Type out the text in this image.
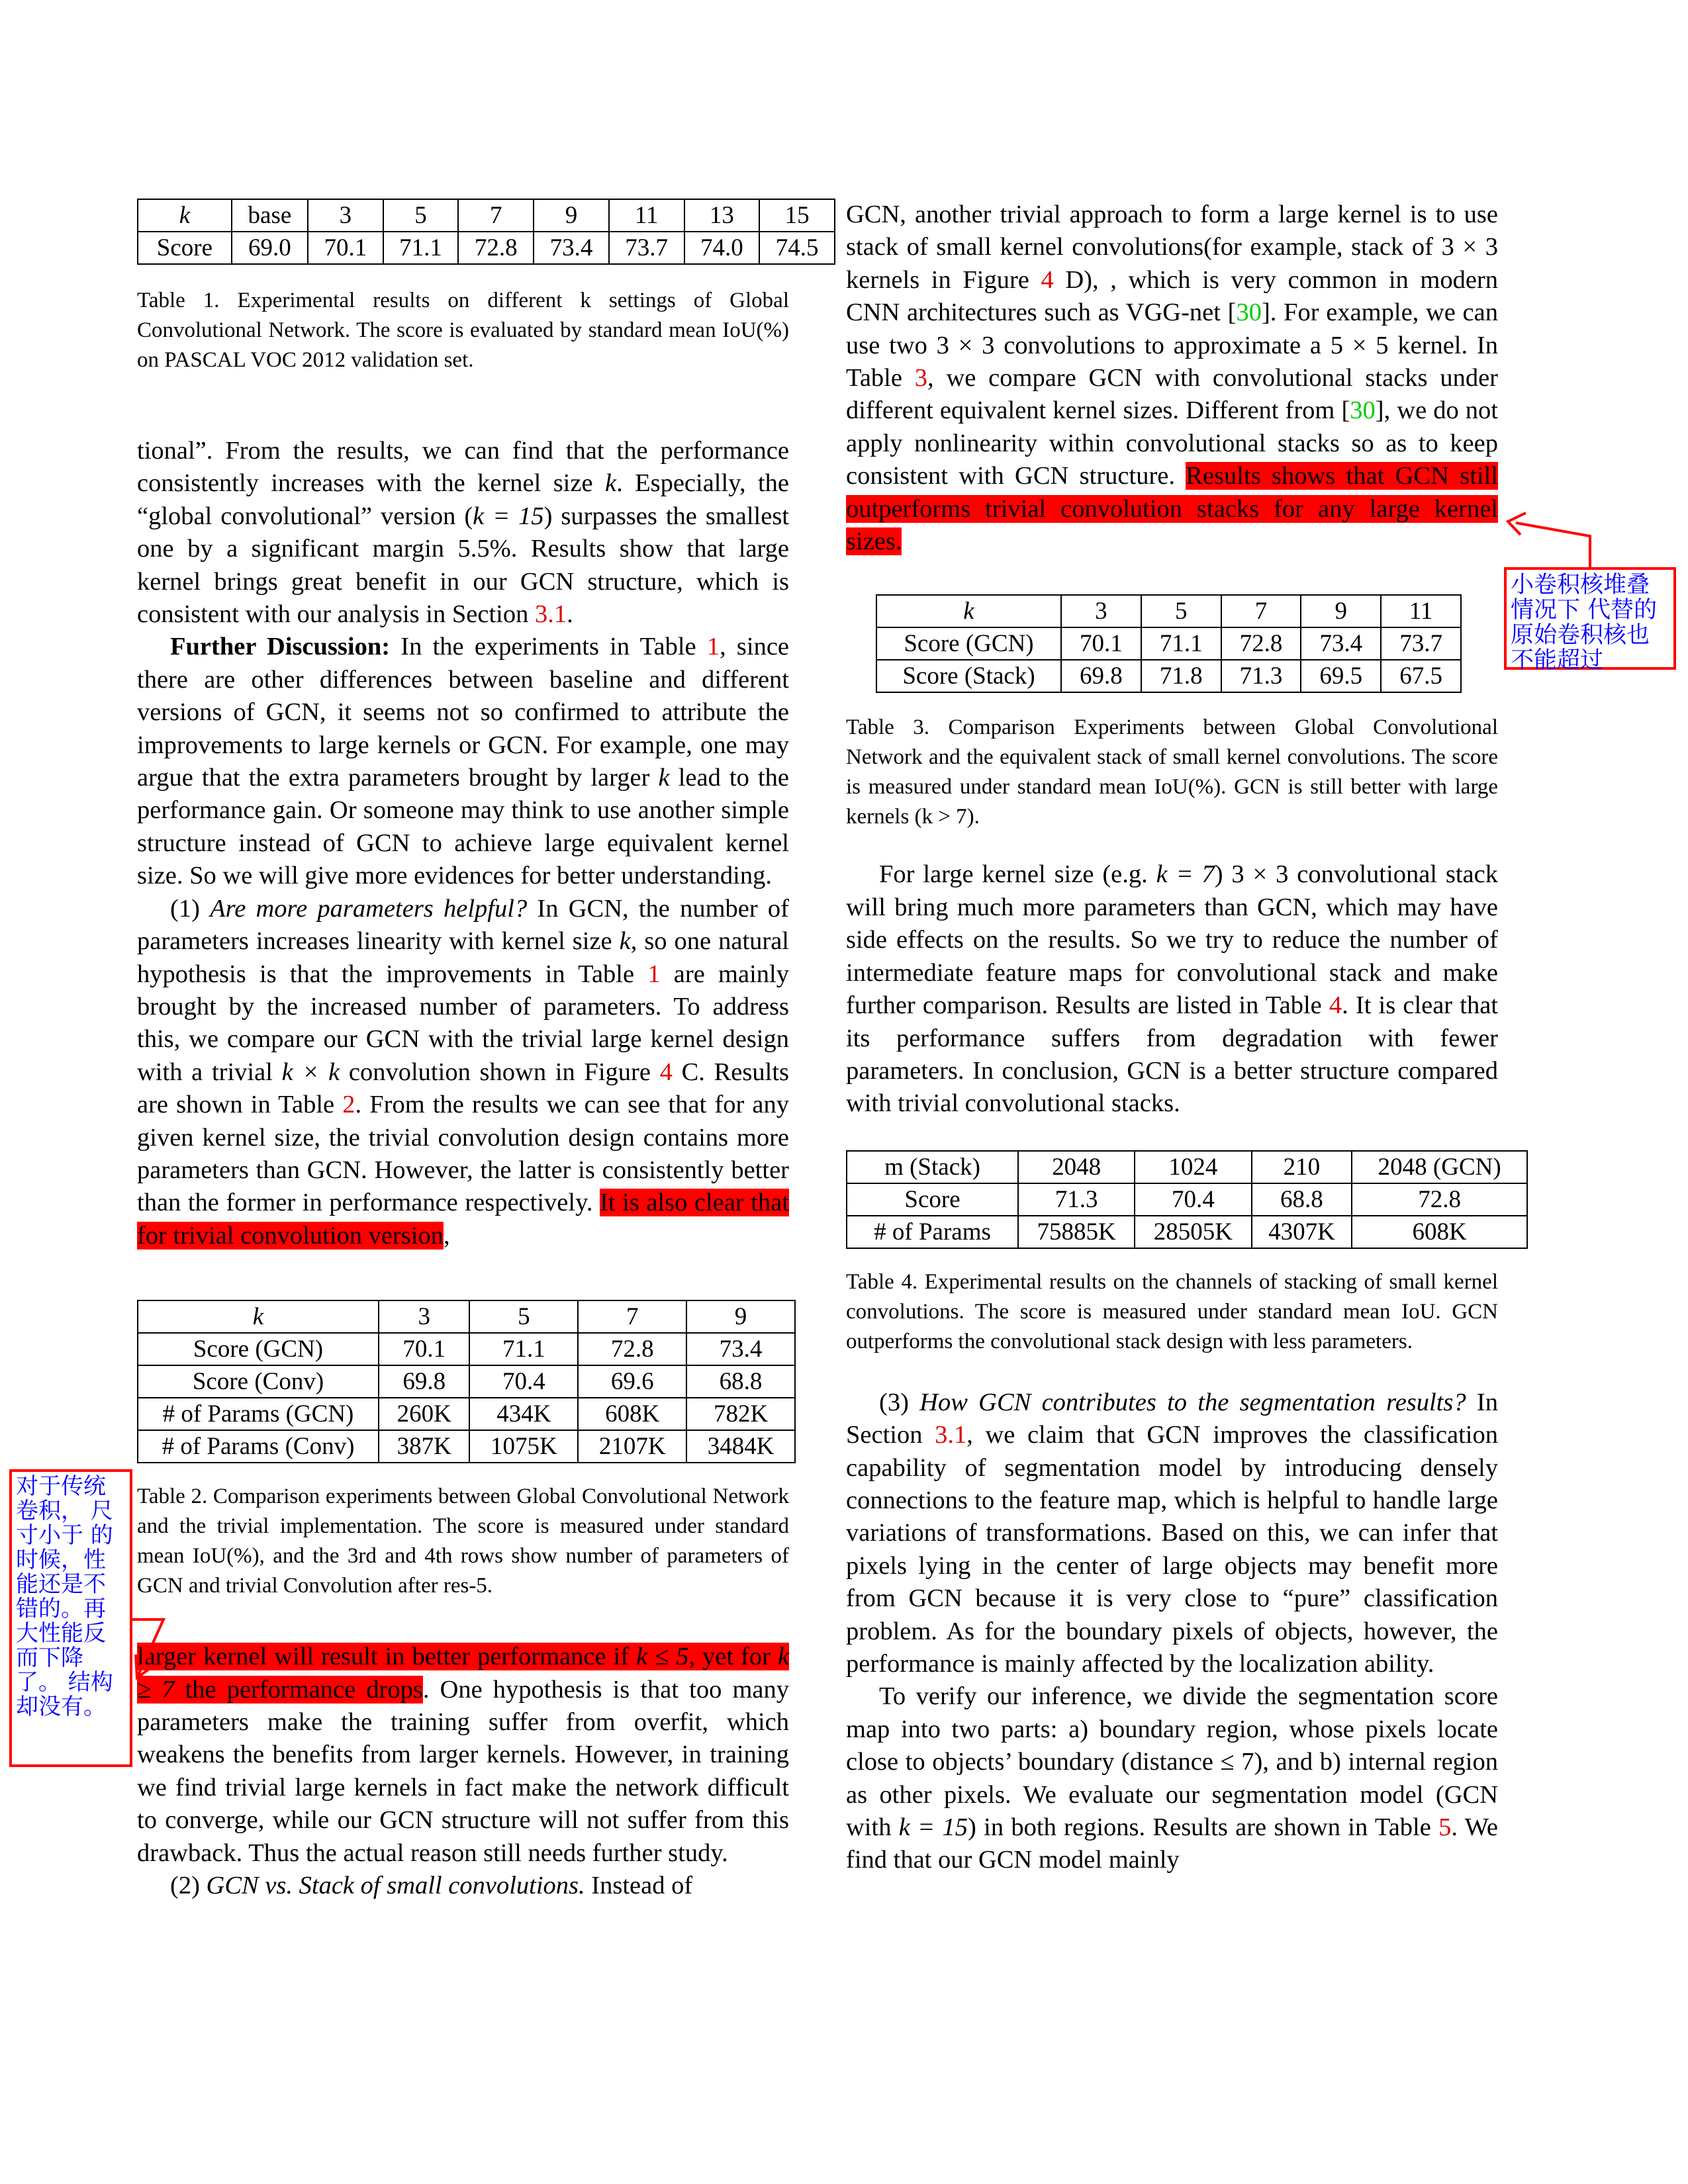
k	base	3	5	7	9	11	13	15
Score	69.0	70.1	71.1	72.8	73.4	73.7	74.0	74.5

Table 1. Experimental results on different k settings of Global Convolutional Network. The score is evaluated by standard mean IoU(%) on PASCAL VOC 2012 validation set.

tional”. From the results, we can find that the performance consistently increases with the kernel size k. Especially, the “global convolutional” version (k = 15) surpasses the smallest one by a significant margin 5.5%. Results show that large kernel brings great benefit in our GCN structure, which is consistent with our analysis in Section 3.1.

Further Discussion: In the experiments in Table 1, since there are other differences between baseline and different versions of GCN, it seems not so confirmed to attribute the improvements to large kernels or GCN. For example, one may argue that the extra parameters brought by larger k lead to the performance gain. Or someone may think to use another simple structure instead of GCN to achieve large equivalent kernel size. So we will give more evidences for better understanding.

(1) Are more parameters helpful? In GCN, the number of parameters increases linearity with kernel size k, so one natural hypothesis is that the improvements in Table 1 are mainly brought by the increased number of parameters. To address this, we compare our GCN with the trivial large kernel design with a trivial k × k convolution shown in Figure 4 C. Results are shown in Table 2. From the results we can see that for any given kernel size, the trivial convolution design contains more parameters than GCN. However, the latter is consistently better than the former in performance respectively. It is also clear that for trivial convolution version,

k	3	5	7	9
Score (GCN)	70.1	71.1	72.8	73.4
Score (Conv)	69.8	70.4	69.6	68.8
# of Params (GCN)	260K	434K	608K	782K
# of Params (Conv)	387K	1075K	2107K	3484K

Table 2. Comparison experiments between Global Convolutional Network and the trivial implementation. The score is measured under standard mean IoU(%), and the 3rd and 4th rows show number of parameters of GCN and trivial Convolution after res-5.

larger kernel will result in better performance if k ≤ 5, yet for k ≥ 7 the performance drops. One hypothesis is that too many parameters make the training suffer from overfit, which weakens the benefits from larger kernels. However, in training we find trivial large kernels in fact make the network difficult to converge, while our GCN structure will not suffer from this drawback. Thus the actual reason still needs further study.

(2) GCN vs. Stack of small convolutions. Instead of

GCN, another trivial approach to form a large kernel is to use stack of small kernel convolutions(for example, stack of 3 × 3 kernels in Figure 4 D), , which is very common in modern CNN architectures such as VGG-net [30]. For example, we can use two 3 × 3 convolutions to approximate a 5 × 5 kernel. In Table 3, we compare GCN with convolutional stacks under different equivalent kernel sizes. Different from [30], we do not apply nonlinearity within convolutional stacks so as to keep consistent with GCN structure. Results shows that GCN still outperforms trivial convolution stacks for any large kernel sizes.

k	3	5	7	9	11
Score (GCN)	70.1	71.1	72.8	73.4	73.7
Score (Stack)	69.8	71.8	71.3	69.5	67.5

Table 3. Comparison Experiments between Global Convolutional Network and the equivalent stack of small kernel convolutions. The score is measured under standard mean IoU(%). GCN is still better with large kernels (k > 7).

For large kernel size (e.g. k = 7) 3 × 3 convolutional stack will bring much more parameters than GCN, which may have side effects on the results. So we try to reduce the number of intermediate feature maps for convolutional stack and make further comparison. Results are listed in Table 4. It is clear that its performance suffers from degradation with fewer parameters. In conclusion, GCN is a better structure compared with trivial convolutional stacks.

m (Stack)	2048	1024	210	2048 (GCN)
Score	71.3	70.4	68.8	72.8
# of Params	75885K	28505K	4307K	608K

Table 4. Experimental results on the channels of stacking of small kernel convolutions. The score is measured under standard mean IoU. GCN outperforms the convolutional stack design with less parameters.

(3) How GCN contributes to the segmentation results? In Section 3.1, we claim that GCN improves the classification capability of segmentation model by introducing densely connections to the feature map, which is helpful to handle large variations of transformations. Based on this, we can infer that pixels lying in the center of large objects may benefit more from GCN because it is very close to “pure” classification problem. As for the boundary pixels of objects, however, the performance is mainly affected by the localization ability.

To verify our inference, we divide the segmentation score map into two parts: a) boundary region, whose pixels locate close to objects’ boundary (distance ≤ 7), and b) internal region as other pixels. We evaluate our segmentation model (GCN with k = 15) in both regions. Results are shown in Table 5. We find that our GCN model mainly

小卷积核堆叠情况下 代替的原始卷积核也不能超过
对于传统卷积， 尺寸小于 的时候，性能还是不错的。再大性能反而下降了。 结构却没有。
